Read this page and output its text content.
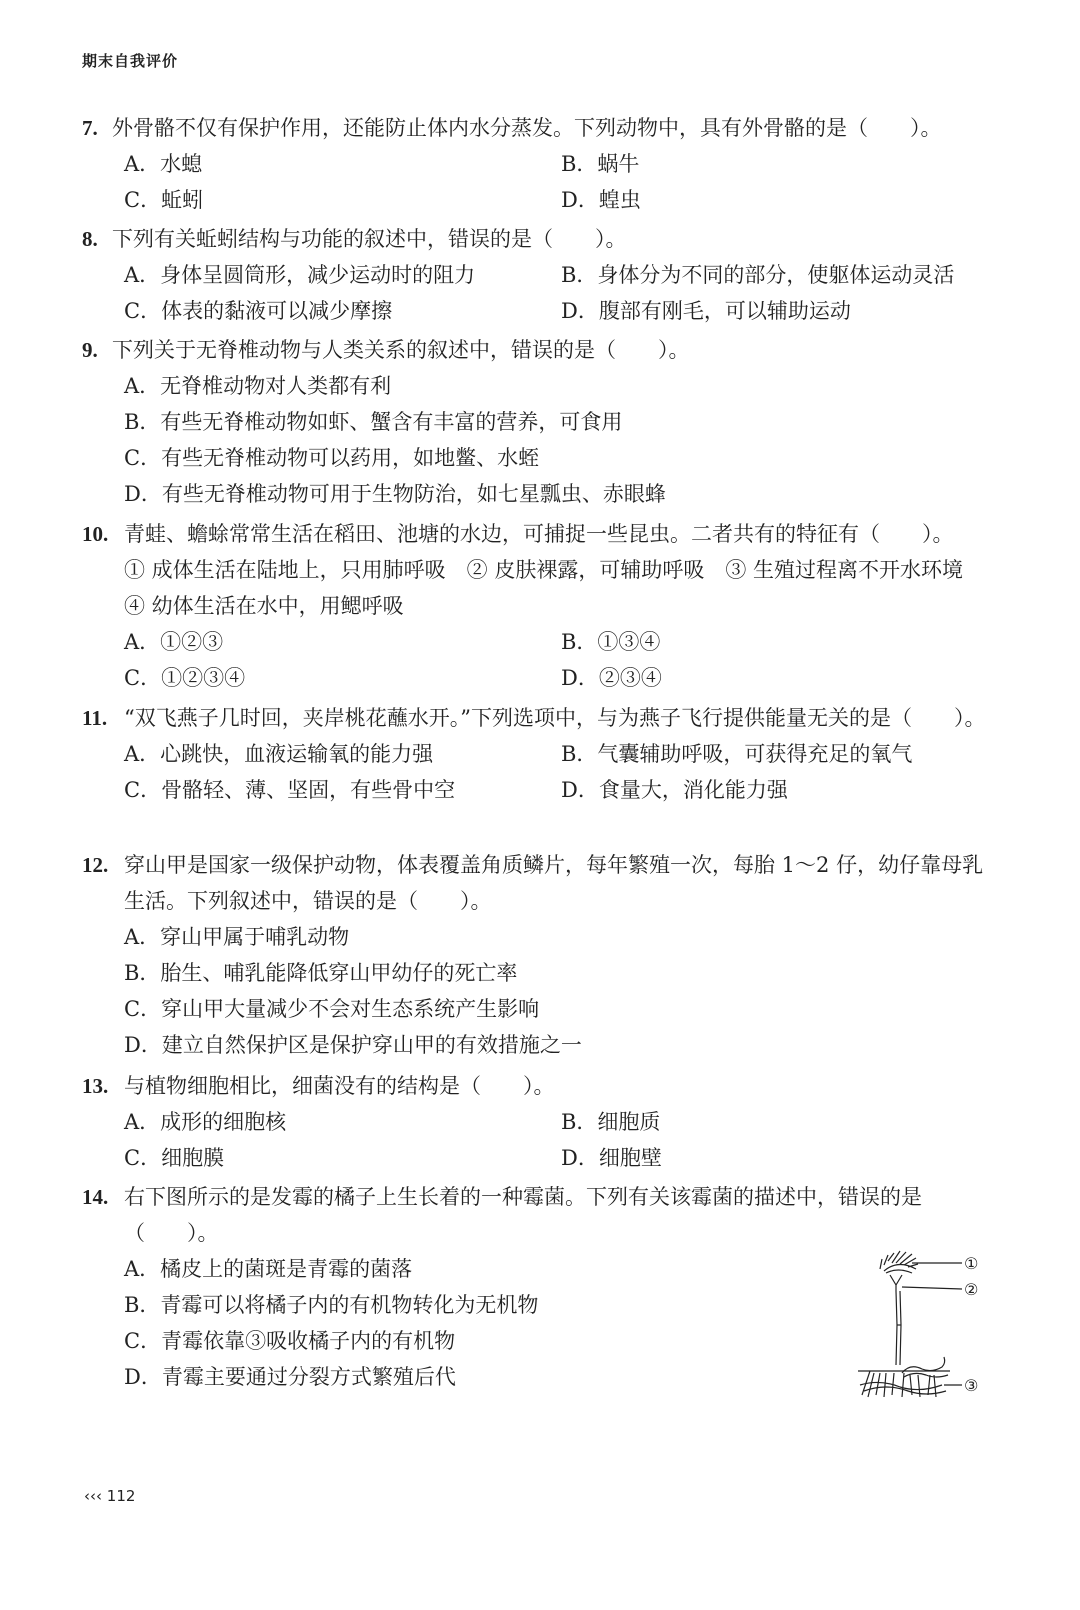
期末自我评价
7. 外骨骼不仅有保护作用，还能防止体内水分蒸发。下列动物中，具有外骨骼的是（　　）。
A．水螅	B．蜗牛
C．蚯蚓	D．蝗虫
8. 下列有关蚯蚓结构与功能的叙述中，错误的是（　　）。
A．身体呈圆筒形，减少运动时的阻力	B．身体分为不同的部分，使躯体运动灵活
C．体表的黏液可以减少摩擦	D．腹部有刚毛，可以辅助运动
9. 下列关于无脊椎动物与人类关系的叙述中，错误的是（　　）。
A．无脊椎动物对人类都有利
B．有些无脊椎动物如虾、蟹含有丰富的营养，可食用
C．有些无脊椎动物可以药用，如地鳖、水蛭
D．有些无脊椎动物可用于生物防治，如七星瓢虫、赤眼蜂
10. 青蛙、蟾蜍常常生活在稻田、池塘的水边，可捕捉一些昆虫。二者共有的特征有（　　）。
① 成体生活在陆地上，只用肺呼吸　② 皮肤裸露，可辅助呼吸　③ 生殖过程离不开水环境　④ 幼体生活在水中，用鳃呼吸
A．①②③	B．①③④
C．①②③④	D．②③④
11. “双飞燕子几时回，夹岸桃花蘸水开。”下列选项中，与为燕子飞行提供能量无关的是（　　）。
A．心跳快，血液运输氧的能力强	B．气囊辅助呼吸，可获得充足的氧气
C．骨骼轻、薄、坚固，有些骨中空	D．食量大，消化能力强
12. 穿山甲是国家一级保护动物，体表覆盖角质鳞片，每年繁殖一次，每胎 1～2 仔，幼仔靠母乳生活。下列叙述中，错误的是（　　）。
A．穿山甲属于哺乳动物
B．胎生、哺乳能降低穿山甲幼仔的死亡率
C．穿山甲大量减少不会对生态系统产生影响
D．建立自然保护区是保护穿山甲的有效措施之一
13. 与植物细胞相比，细菌没有的结构是（　　）。
A．成形的细胞核	B．细胞质
C．细胞膜	D．细胞壁
14. 右下图所示的是发霉的橘子上生长着的一种霉菌。下列有关该霉菌的描述中，错误的是（　　）。
A．橘皮上的菌斑是青霉的菌落
B．青霉可以将橘子内的有机物转化为无机物
C．青霉依靠③吸收橘子内的有机物
D．青霉主要通过分裂方式繁殖后代
①
②
③
‹‹‹ 112
